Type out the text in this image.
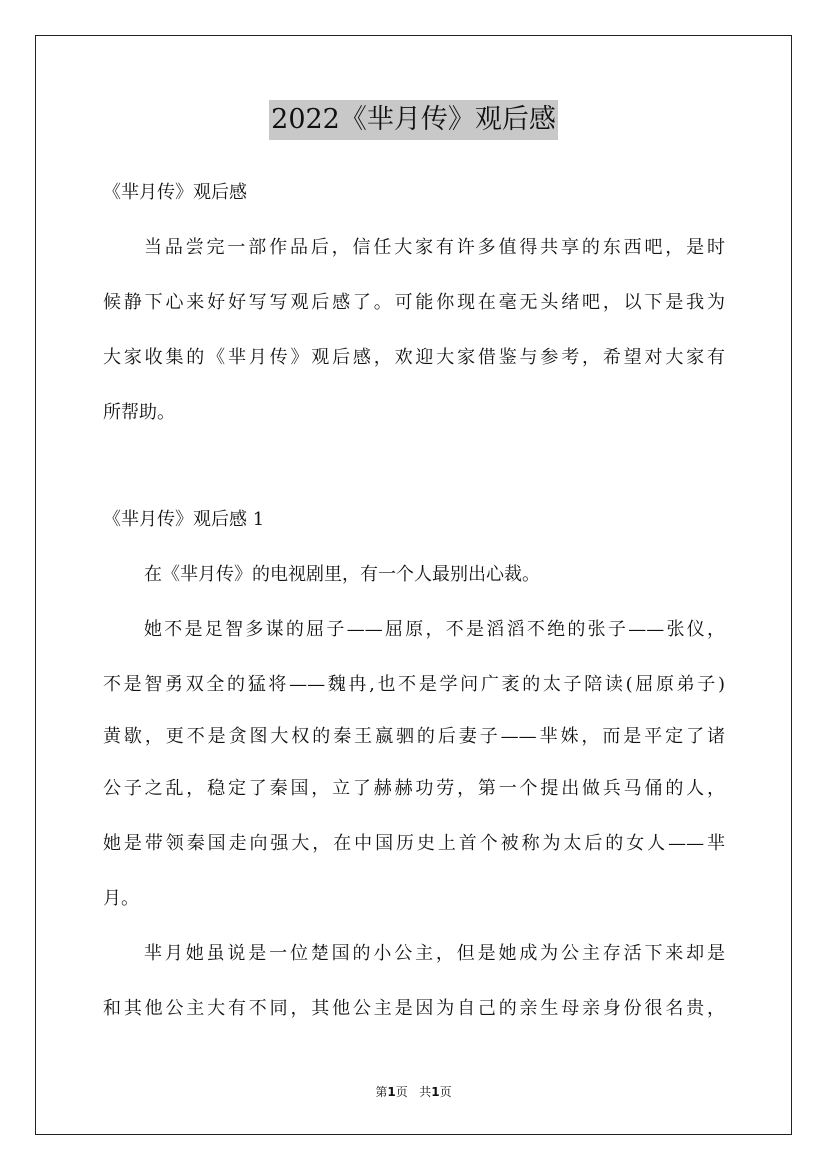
2022《芈月传》观后感
《芈月传》观后感
当品尝完一部作品后，信任大家有许多值得共享的东西吧，是时
候静下心来好好写写观后感了。可能你现在毫无头绪吧，以下是我为
大家收集的《芈月传》观后感，欢迎大家借鉴与参考，希望对大家有
所帮助。
《芈月传》观后感 1
在《芈月传》的电视剧里，有一个人最别出心裁。
她不是足智多谋的屈子——屈原，不是滔滔不绝的张子——张仪，
不是智勇双全的猛将——魏冉,也不是学问广袤的太子陪读(屈原弟子)
黄歇，更不是贪图大权的秦王嬴驷的后妻子——芈姝，而是平定了诸
公子之乱，稳定了秦国，立了赫赫功劳，第一个提出做兵马俑的人，
她是带领秦国走向强大，在中国历史上首个被称为太后的女人——芈
月。
芈月她虽说是一位楚国的小公主，但是她成为公主存活下来却是
和其他公主大有不同，其他公主是因为自己的亲生母亲身份很名贵，
第1页 共1页
